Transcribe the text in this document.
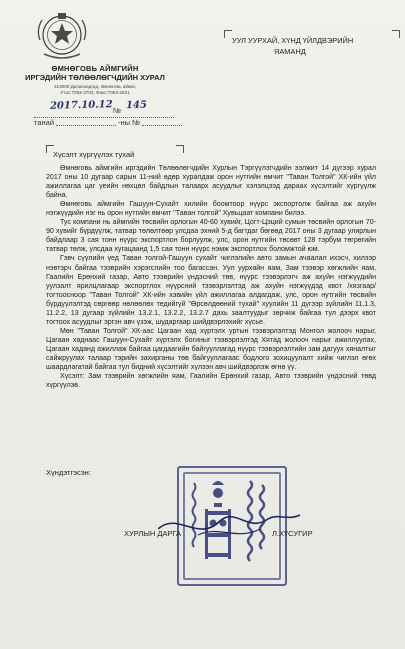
ӨМНӨГОВЬ АЙМГИЙН
ИРГЭДИЙН ТӨЛӨӨЛӨГЧДИЙН ХУРАЛ
213000 Даланзадгад, Өмнөговь аймаг,
Утас:7053-3704, Факс:7053-2621
2017.10.12 № 145
танай	-ны №
УУЛ УУРХАЙ, ХҮНД ҮЙЛДВЭРИЙН
ЯАМАНД
Хүсэлт хүргүүлэх тухай

Өмнөговь аймгийн иргэдийн Төлөөлөгчдийн Хурлын Тэргүүлэгчдийн ээлжит 14 дүгээр хурал 2017 оны 10 дугаар сарын 11-ний өдөр хуралдаж орон нутгийн өмчит "Таван Толгой" ХК-ийн үйл ажиллагаа цаг үеийн нөхцөл байдлын талаарх асуудлыг хэлэлцээд дараах хүсэлтийг хүргүүлж байна.

Өмнөговь аймгийн Гашуун-Сухайт хилийн боомтоор нүүрс экспортолж байгаа аж ахуйн нэгжүүдийн нэг нь орон нутгийн өмчит "Таван толгой" Хувьцаат компани билээ.

Тус компани нь аймгийн төсвийн орлогын 40-60 хувийг, Цогт-Цэций сумын төсвийн орлогын 70-90 хувийг бүрдүүлж, татвар төлөлтөөр улсдаа эхний 5-д багтдаг бөгөөд 2017 оны 3 дугаар улирлын байдлаар 3 сая тонн нүүрс экспортлон борлуулж, улс, орон нутгийн төсөвт 128 тэрбум төгрөгийн татвар төлж, улсдаа хугацаанд 1,5 сая тонн нүүрс нэмж экспортлох боломжтой юм.

Гэвч сүүлийн үед Таван толгой-Гашуун сухайт чиглэлийн авто замын ачаалал ихэсч, хилээр нэвтэрч байгаа тээврийн хэрэгслийн тоо багассан. Уул уурхайн яам, Зам тээвэр хөгжлийн яам, Гаалийн Ерөнхий газар, Авто тээврийн үндэсний төв, нүүрс тээвэрлэгч аж ахуйн нэгжүүдийн уулзалт ярилцлагаар экспортлох нүүрсний тээвэрлэлтэд аж ахуйн нэгжүүдэд квот /хязгаар/ тогтоосноор "Таван Толгой" ХК-ийн хэвийн үйл ажиллагаа алдагдаж, улс, орон нутгийн төсвийн бүрдүүлэлтэд сөргөөр нөлөөлөх тедийгүй "Өрсөлдөөний тухай" хуулийн 11 дүгээр зүйлийн 11.1.3, 11.2.2, 13 дугаар зүйлийн 13.2.1, 13.2.2, 13.2.7 дахь заалтуудыг зөрчиж байгаа тул дээрх квот тогтоох асуудлыг эргэн авч үзэж, шударгаар шийдвэрлэхийг хүсье.

Мөн "Таван Толгой" ХК-ааc Цагаан хад хүртэлх уртын тээвэрлэлтэд Монгол жолооч нарыг, Цагаан хаднаас Гашуун-Сухайт хүртэлх богиныг тээвэрлэлтэд Хятад жолооч нарыг ажиллуулах, Цагаан хаданд ажиллаж байгаа цагдаагийн байгууллагад нүүрс тээвэрлэлтийн зам дагуух хяналтыг сайжруулах талаар тэрийн захирганы төв байгууллагаас бодлого зохицуулалт хийж чиглэл өгөх шаардлагатай байгаа тул бидний хүсэлтийг хүлээн авч шийдвэрлэж өгнө үү.

Хүсэлт: Зам тээврийн хөгжлийн яам, Гаалийн Ерөнхий газар, Авто тээврийн үндэсний төвд хүргүүлэв.

Хүндэтгэсэн:
ХУРЛЫН ДАРГА	Л.ХҮСУГИР
